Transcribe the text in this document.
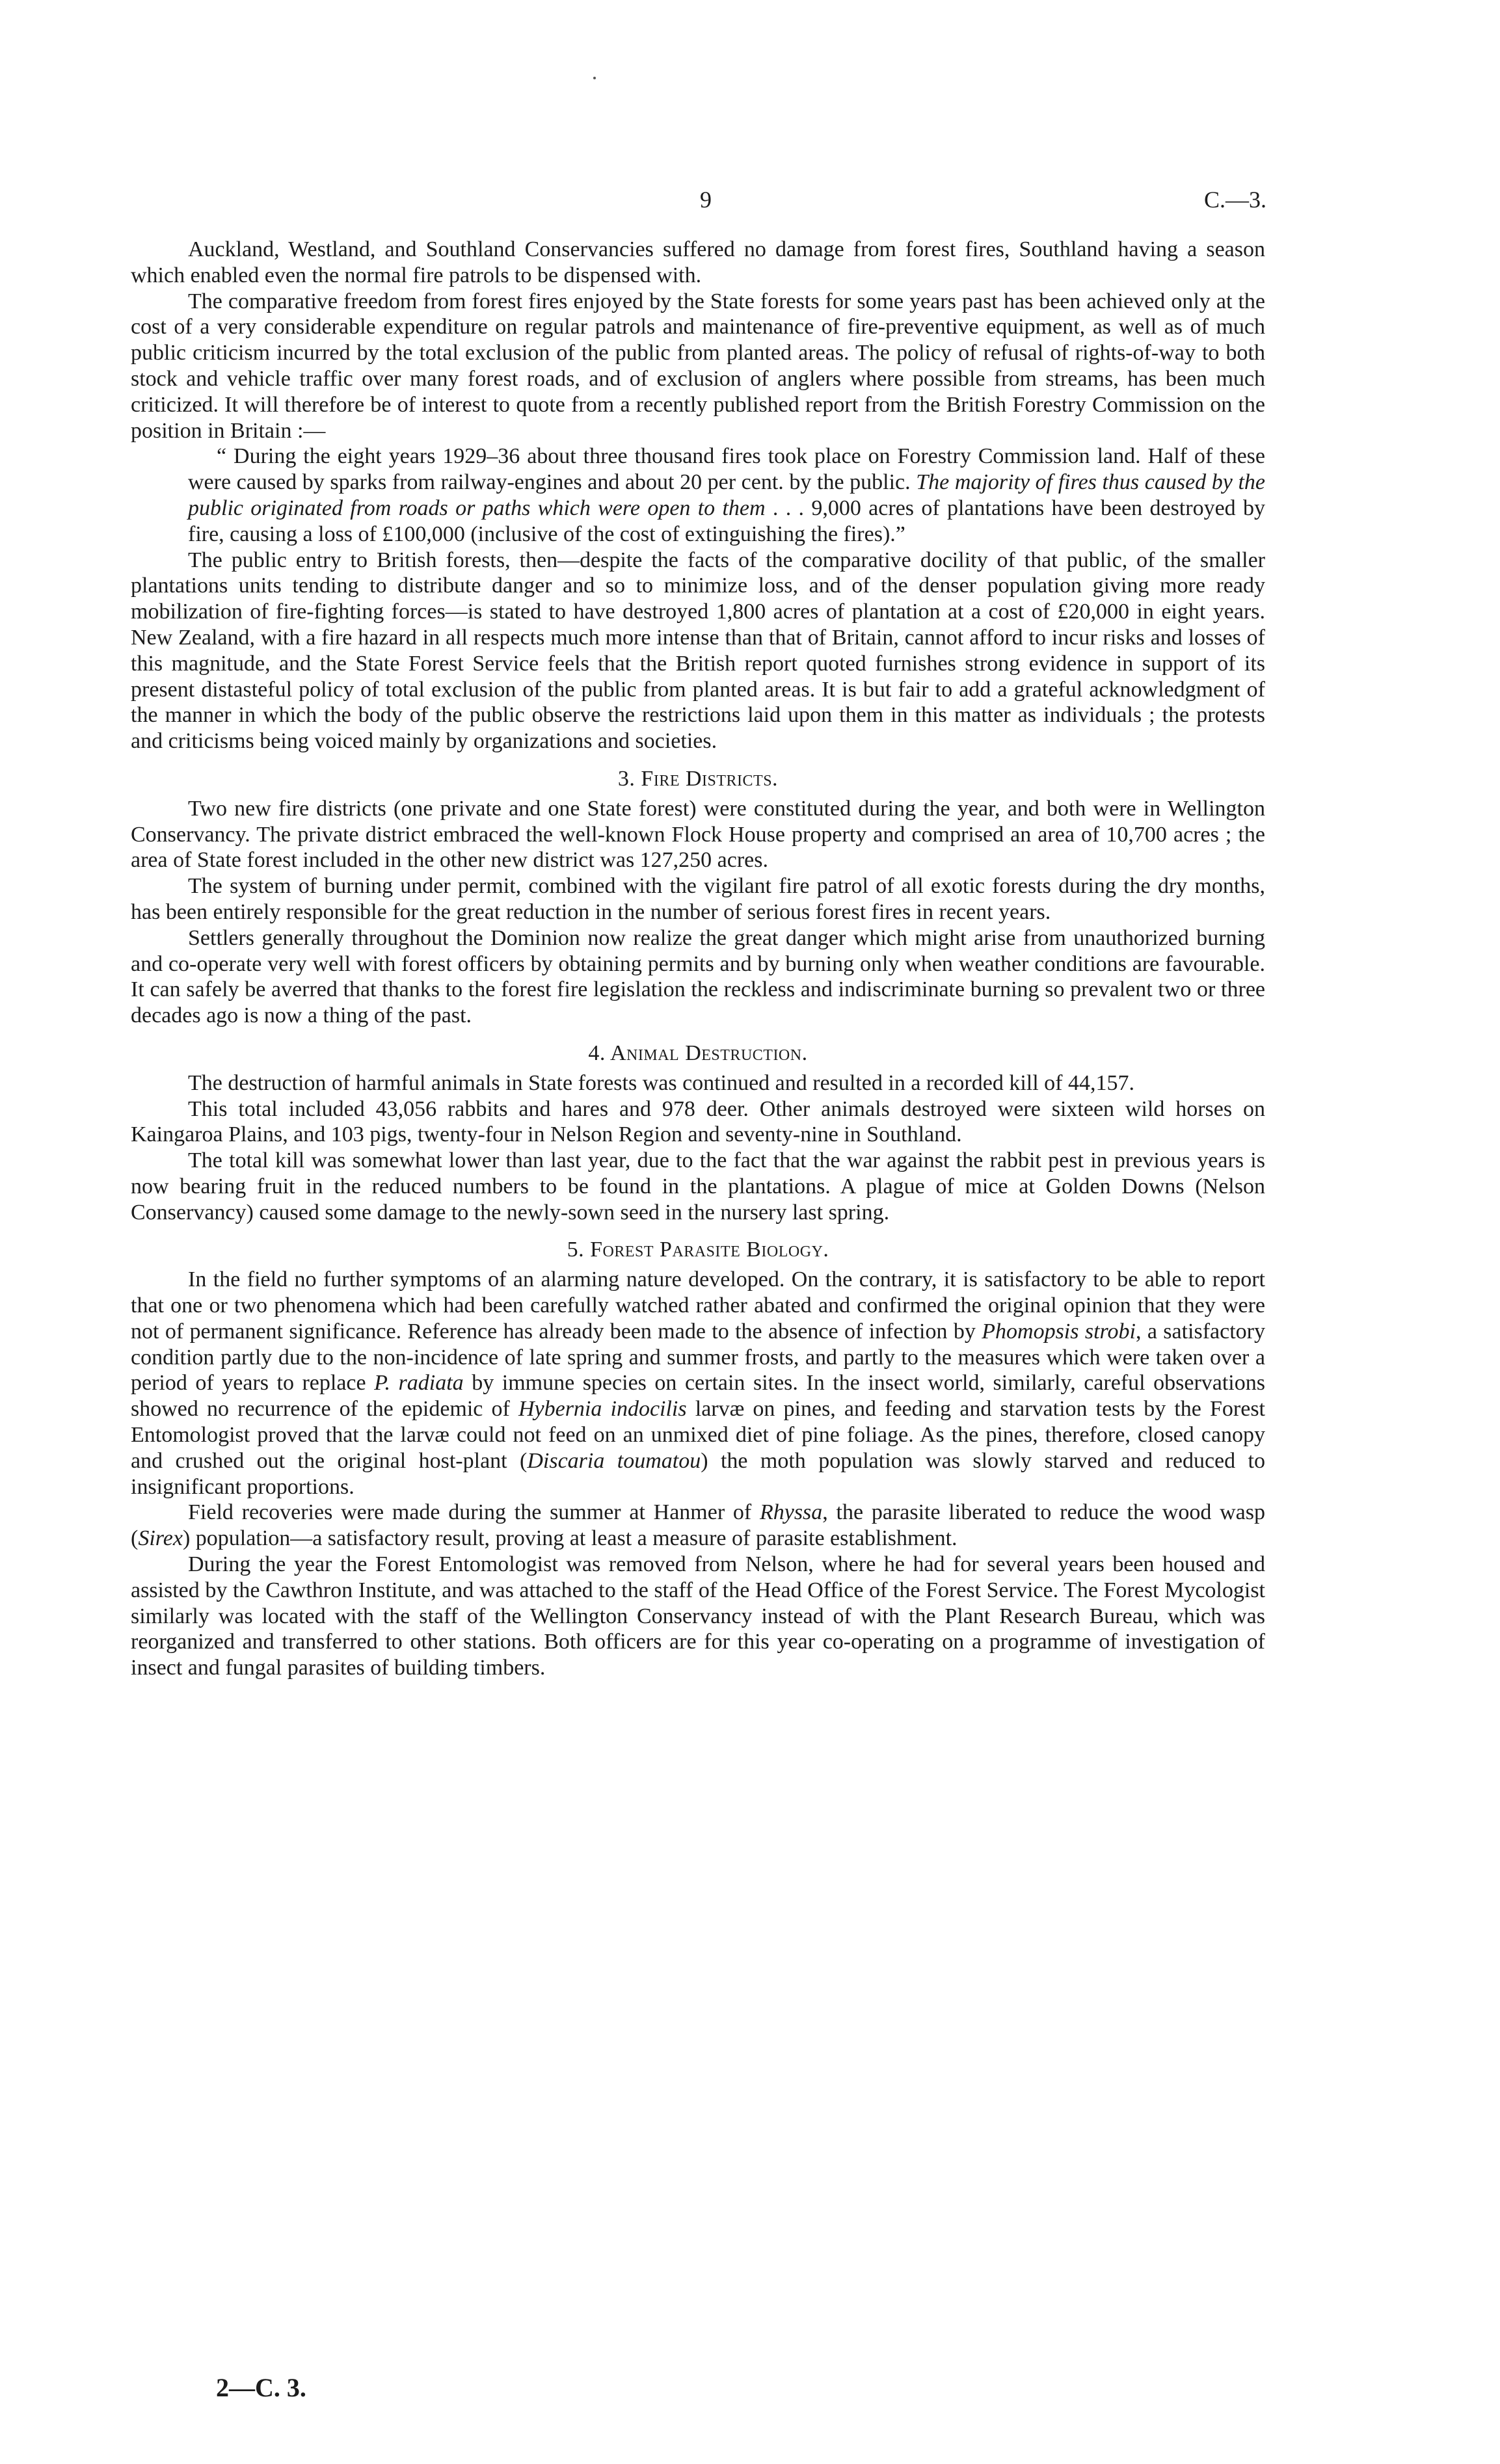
9	C.—3.

Auckland, Westland, and Southland Conservancies suffered no damage from forest fires, Southland having a season which enabled even the normal fire patrols to be dispensed with.

The comparative freedom from forest fires enjoyed by the State forests for some years past has been achieved only at the cost of a very considerable expenditure on regular patrols and maintenance of fire-preventive equipment, as well as of much public criticism incurred by the total exclusion of the public from planted areas. The policy of refusal of rights-of-way to both stock and vehicle traffic over many forest roads, and of exclusion of anglers where possible from streams, has been much criticized. It will therefore be of interest to quote from a recently published report from the British Forestry Commission on the position in Britain :—

“ During the eight years 1929–36 about three thousand fires took place on Forestry Commission land. Half of these were caused by sparks from railway-engines and about 20 per cent. by the public. The majority of fires thus caused by the public originated from roads or paths which were open to them . . . 9,000 acres of plantations have been destroyed by fire, causing a loss of £100,000 (inclusive of the cost of extinguishing the fires).”

The public entry to British forests, then—despite the facts of the comparative docility of that public, of the smaller plantations units tending to distribute danger and so to minimize loss, and of the denser population giving more ready mobilization of fire-fighting forces—is stated to have destroyed 1,800 acres of plantation at a cost of £20,000 in eight years. New Zealand, with a fire hazard in all respects much more intense than that of Britain, cannot afford to incur risks and losses of this magnitude, and the State Forest Service feels that the British report quoted furnishes strong evidence in support of its present distasteful policy of total exclusion of the public from planted areas. It is but fair to add a grateful acknowledgment of the manner in which the body of the public observe the restrictions laid upon them in this matter as individuals ; the protests and criticisms being voiced mainly by organizations and societies.

3. Fire Districts.

Two new fire districts (one private and one State forest) were constituted during the year, and both were in Wellington Conservancy. The private district embraced the well-known Flock House property and comprised an area of 10,700 acres ; the area of State forest included in the other new district was 127,250 acres.

The system of burning under permit, combined with the vigilant fire patrol of all exotic forests during the dry months, has been entirely responsible for the great reduction in the number of serious forest fires in recent years.

Settlers generally throughout the Dominion now realize the great danger which might arise from unauthorized burning and co-operate very well with forest officers by obtaining permits and by burning only when weather conditions are favourable. It can safely be averred that thanks to the forest fire legislation the reckless and indiscriminate burning so prevalent two or three decades ago is now a thing of the past.

4. Animal Destruction.

The destruction of harmful animals in State forests was continued and resulted in a recorded kill of 44,157.

This total included 43,056 rabbits and hares and 978 deer. Other animals destroyed were sixteen wild horses on Kaingaroa Plains, and 103 pigs, twenty-four in Nelson Region and seventy-nine in Southland.

The total kill was somewhat lower than last year, due to the fact that the war against the rabbit pest in previous years is now bearing fruit in the reduced numbers to be found in the plantations. A plague of mice at Golden Downs (Nelson Conservancy) caused some damage to the newly-sown seed in the nursery last spring.

5. Forest Parasite Biology.

In the field no further symptoms of an alarming nature developed. On the contrary, it is satisfactory to be able to report that one or two phenomena which had been carefully watched rather abated and confirmed the original opinion that they were not of permanent significance. Reference has already been made to the absence of infection by Phomopsis strobi, a satisfactory condition partly due to the non-incidence of late spring and summer frosts, and partly to the measures which were taken over a period of years to replace P. radiata by immune species on certain sites. In the insect world, similarly, careful observations showed no recurrence of the epidemic of Hybernia indocilis larvæ on pines, and feeding and starvation tests by the Forest Entomologist proved that the larvæ could not feed on an unmixed diet of pine foliage. As the pines, therefore, closed canopy and crushed out the original host-plant (Discaria toumatou) the moth population was slowly starved and reduced to insignificant proportions.

Field recoveries were made during the summer at Hanmer of Rhyssa, the parasite liberated to reduce the wood wasp (Sirex) population—a satisfactory result, proving at least a measure of parasite establishment.

During the year the Forest Entomologist was removed from Nelson, where he had for several years been housed and assisted by the Cawthron Institute, and was attached to the staff of the Head Office of the Forest Service. The Forest Mycologist similarly was located with the staff of the Wellington Conservancy instead of with the Plant Research Bureau, which was reorganized and transferred to other stations. Both officers are for this year co-operating on a programme of investigation of insect and fungal parasites of building timbers.

2—C. 3.
